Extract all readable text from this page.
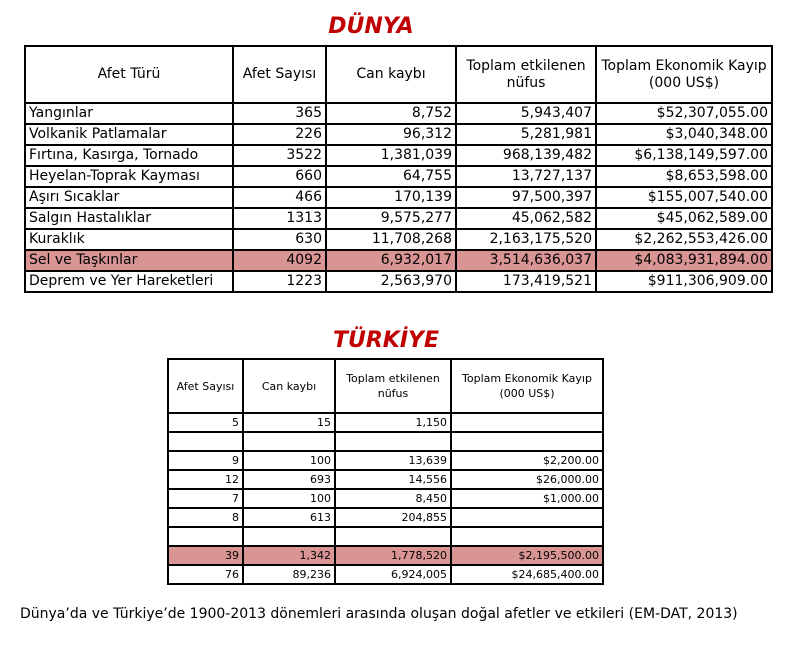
DÜNYA
Afet Türü	Afet Sayısı	Can kaybı	Toplam etkilenen nüfus	Toplam Ekonomik Kayıp (000 US$)
Yangınlar	365	8,752	5,943,407	$52,307,055.00
Volkanik Patlamalar	226	96,312	5,281,981	$3,040,348.00
Fırtına, Kasırga, Tornado	3522	1,381,039	968,139,482	$6,138,149,597.00
Heyelan-Toprak Kayması	660	64,755	13,727,137	$8,653,598.00
Aşırı Sıcaklar	466	170,139	97,500,397	$155,007,540.00
Salgın Hastalıklar	1313	9,575,277	45,062,582	$45,062,589.00
Kuraklık	630	11,708,268	2,163,175,520	$2,262,553,426.00
Sel ve Taşkınlar	4092	6,932,017	3,514,636,037	$4,083,931,894.00
Deprem ve Yer Hareketleri	1223	2,563,970	173,419,521	$911,306,909.00
TÜRKİYE
Afet Sayısı	Can kaybı	Toplam etkilenen nüfus	Toplam Ekonomik Kayıp (000 US$)
5	15	1,150	

9	100	13,639	$2,200.00
12	693	14,556	$26,000.00
7	100	8,450	$1,000.00
8	613	204,855	

39	1,342	1,778,520	$2,195,500.00
76	89,236	6,924,005	$24,685,400.00
Dünya’da ve Türkiye’de 1900-2013 dönemleri arasında oluşan doğal afetler ve etkileri (EM-DAT, 2013)
